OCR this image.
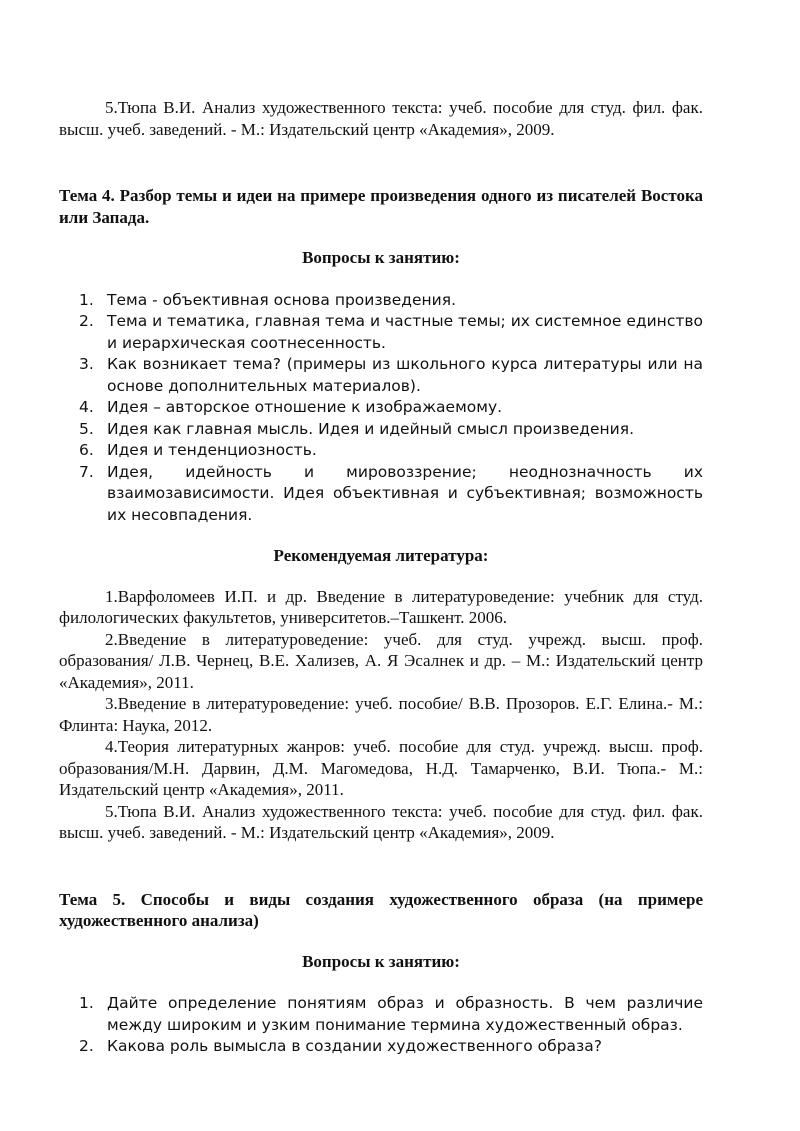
5.Тюпа В.И. Анализ художественного текста: учеб. пособие для студ. фил. фак. высш. учеб. заведений. - М.: Издательский центр «Академия», 2009.

Тема 4. Разбор темы и идеи на примере произведения одного из писателей Востока или Запада.

Вопросы к занятию:

1. Тема - объективная основа произведения.
2. Тема и тематика, главная тема и частные темы; их системное единство и иерархическая соотнесенность.
3. Как возникает тема? (примеры из школьного курса литературы или на основе дополнительных материалов).
4. Идея – авторское отношение к изображаемому.
5. Идея как главная мысль. Идея и идейный смысл произведения.
6. Идея и тенденциозность.
7. Идея, идейность и мировоззрение; неоднозначность их взаимозависимости. Идея объективная и субъективная; возможность их несовпадения.

Рекомендуемая литература:

1.Варфоломеев И.П. и др. Введение в литературоведение: учебник для студ. филологических факультетов, университетов.–Ташкент. 2006.

2.Введение в литературоведение: учеб. для студ. учрежд. высш. проф. образования/ Л.В. Чернец, В.Е. Хализев, А. Я Эсалнек и др. – М.: Издательский центр «Академия», 2011.

3.Введение в литературоведение: учеб. пособие/ В.В. Прозоров. Е.Г. Елина.- М.: Флинта: Наука, 2012.

4.Теория литературных жанров: учеб. пособие для студ. учрежд. высш. проф. образования/М.Н. Дарвин, Д.М. Магомедова, Н.Д. Тамарченко, В.И. Тюпа.- М.: Издательский центр «Академия», 2011.

5.Тюпа В.И. Анализ художественного текста: учеб. пособие для студ. фил. фак. высш. учеб. заведений. - М.: Издательский центр «Академия», 2009.

Тема 5. Способы и виды создания художественного образа (на примере художественного анализа)

Вопросы к занятию:

1. Дайте определение понятиям образ и образность. В чем различие между широким и узким понимание термина художественный образ.
2. Какова роль вымысла в создании художественного образа?
